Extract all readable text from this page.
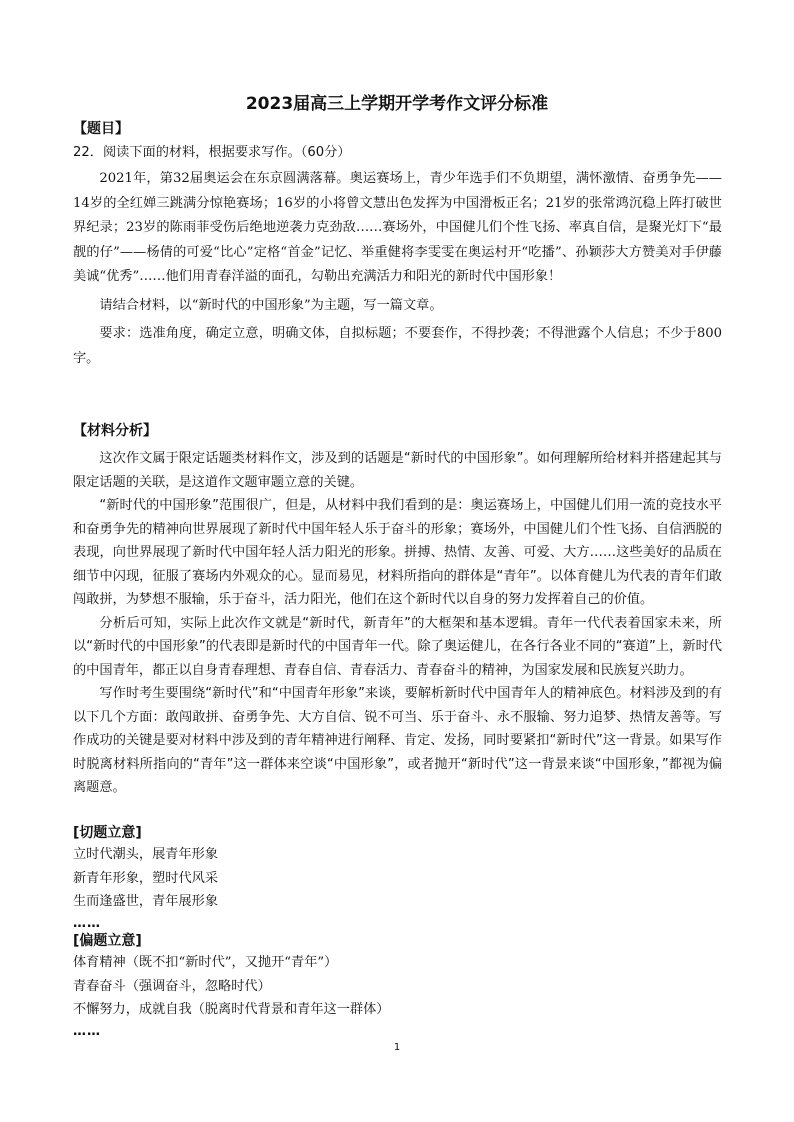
2023届高三上学期开学考作文评分标准
【题目】

22．阅读下面的材料，根据要求写作。（60分）

2021年，第32届奥运会在东京圆满落幕。奥运赛场上，青少年选手们不负期望，满怀激情、奋勇争先——14岁的全红婵三跳满分惊艳赛场；16岁的小将曾文慧出色发挥为中国滑板正名；21岁的张常鸿沉稳上阵打破世界纪录；23岁的陈雨菲受伤后绝地逆袭力克劲敌……赛场外，中国健儿们个性飞扬、率真自信，是聚光灯下“最靓的仔”——杨倩的可爱“比心”定格“首金”记忆、举重健将李雯雯在奥运村开“吃播”、孙颖莎大方赞美对手伊藤美诚“优秀”……他们用青春洋溢的面孔，勾勒出充满活力和阳光的新时代中国形象！

请结合材料，以“新时代的中国形象”为主题，写一篇文章。

要求：选准角度，确定立意，明确文体，自拟标题；不要套作，不得抄袭；不得泄露个人信息；不少于800字。

【材料分析】

这次作文属于限定话题类材料作文，涉及到的话题是“新时代的中国形象”。如何理解所给材料并搭建起其与限定话题的关联，是这道作文题审题立意的关键。

“新时代的中国形象”范围很广，但是，从材料中我们看到的是：奥运赛场上，中国健儿们用一流的竞技水平和奋勇争先的精神向世界展现了新时代中国年轻人乐于奋斗的形象；赛场外，中国健儿们个性飞扬、自信洒脱的表现，向世界展现了新时代中国年轻人活力阳光的形象。拼搏、热情、友善、可爱、大方……这些美好的品质在细节中闪现，征服了赛场内外观众的心。显而易见，材料所指向的群体是“青年”。以体育健儿为代表的青年们敢闯敢拼，为梦想不服输，乐于奋斗，活力阳光，他们在这个新时代以自身的努力发挥着自己的价值。

分析后可知，实际上此次作文就是“新时代，新青年”的大框架和基本逻辑。青年一代代表着国家未来，所以“新时代的中国形象”的代表即是新时代的中国青年一代。除了奥运健儿，在各行各业不同的“赛道”上，新时代的中国青年，都正以自身青春理想、青春自信、青春活力、青春奋斗的精神，为国家发展和民族复兴助力。

写作时考生要围绕“新时代”和“中国青年形象”来谈，要解析新时代中国青年人的精神底色。材料涉及到的有以下几个方面：敢闯敢拼、奋勇争先、大方自信、锐不可当、乐于奋斗、永不服输、努力追梦、热情友善等。写作成功的关键是要对材料中涉及到的青年精神进行阐释、肯定、发扬，同时要紧扣“新时代”这一背景。如果写作时脱离材料所指向的“青年”这一群体来空谈“中国形象”，或者抛开“新时代”这一背景来谈“中国形象，”都视为偏离题意。

[切题立意]
立时代潮头，展青年形象
新青年形象，塑时代风采
生而逢盛世，青年展形象
……
[偏题立意]
体育精神（既不扣“新时代”，又抛开“青年”）
青春奋斗（强调奋斗，忽略时代）
不懈努力，成就自我（脱离时代背景和青年这一群体）
……
1
